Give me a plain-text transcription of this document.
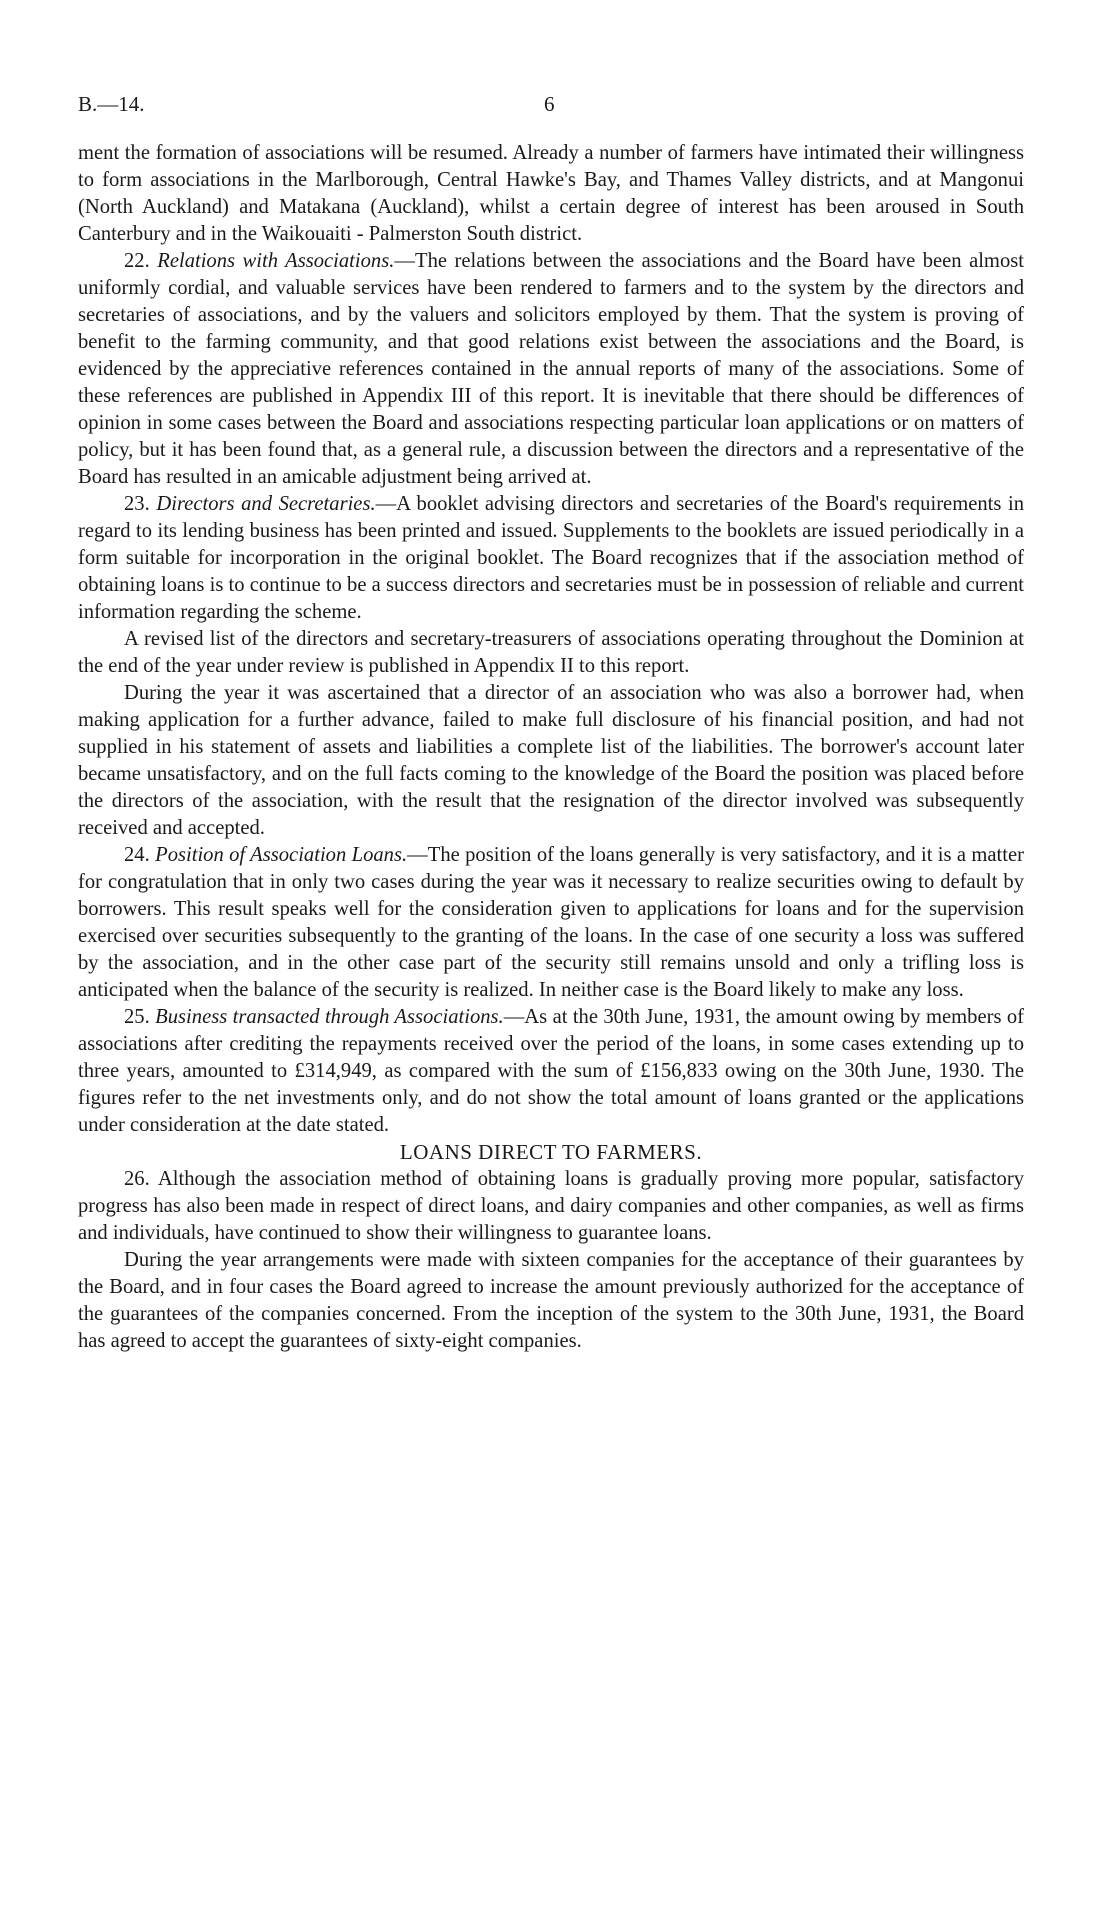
B.—14.	6

ment the formation of associations will be resumed. Already a number of farmers have intimated their willingness to form associations in the Marlborough, Central Hawke's Bay, and Thames Valley districts, and at Mangonui (North Auckland) and Matakana (Auckland), whilst a certain degree of interest has been aroused in South Canterbury and in the Waikouaiti - Palmerston South district.

22. Relations with Associations.—The relations between the associations and the Board have been almost uniformly cordial, and valuable services have been rendered to farmers and to the system by the directors and secretaries of associations, and by the valuers and solicitors employed by them. That the system is proving of benefit to the farming community, and that good relations exist between the associations and the Board, is evidenced by the appreciative references contained in the annual reports of many of the associations. Some of these references are published in Appendix III of this report. It is inevitable that there should be differences of opinion in some cases between the Board and associations respecting particular loan applications or on matters of policy, but it has been found that, as a general rule, a discussion between the directors and a representative of the Board has resulted in an amicable adjustment being arrived at.

23. Directors and Secretaries.—A booklet advising directors and secretaries of the Board's requirements in regard to its lending business has been printed and issued. Supplements to the booklets are issued periodically in a form suitable for incorporation in the original booklet. The Board recognizes that if the association method of obtaining loans is to continue to be a success directors and secretaries must be in possession of reliable and current information regarding the scheme.

A revised list of the directors and secretary-treasurers of associations operating throughout the Dominion at the end of the year under review is published in Appendix II to this report.

During the year it was ascertained that a director of an association who was also a borrower had, when making application for a further advance, failed to make full disclosure of his financial position, and had not supplied in his statement of assets and liabilities a complete list of the liabilities. The borrower's account later became unsatisfactory, and on the full facts coming to the knowledge of the Board the position was placed before the directors of the association, with the result that the resignation of the director involved was subsequently received and accepted.

24. Position of Association Loans.—The position of the loans generally is very satisfactory, and it is a matter for congratulation that in only two cases during the year was it necessary to realize securities owing to default by borrowers. This result speaks well for the consideration given to applications for loans and for the supervision exercised over securities subsequently to the granting of the loans. In the case of one security a loss was suffered by the association, and in the other case part of the security still remains unsold and only a trifling loss is anticipated when the balance of the security is realized. In neither case is the Board likely to make any loss.

25. Business transacted through Associations.—As at the 30th June, 1931, the amount owing by members of associations after crediting the repayments received over the period of the loans, in some cases extending up to three years, amounted to £314,949, as compared with the sum of £156,833 owing on the 30th June, 1930. The figures refer to the net investments only, and do not show the total amount of loans granted or the applications under consideration at the date stated.

LOANS DIRECT TO FARMERS.

26. Although the association method of obtaining loans is gradually proving more popular, satisfactory progress has also been made in respect of direct loans, and dairy companies and other companies, as well as firms and individuals, have continued to show their willingness to guarantee loans.

During the year arrangements were made with sixteen companies for the acceptance of their guarantees by the Board, and in four cases the Board agreed to increase the amount previously authorized for the acceptance of the guarantees of the companies concerned. From the inception of the system to the 30th June, 1931, the Board has agreed to accept the guarantees of sixty-eight companies.
